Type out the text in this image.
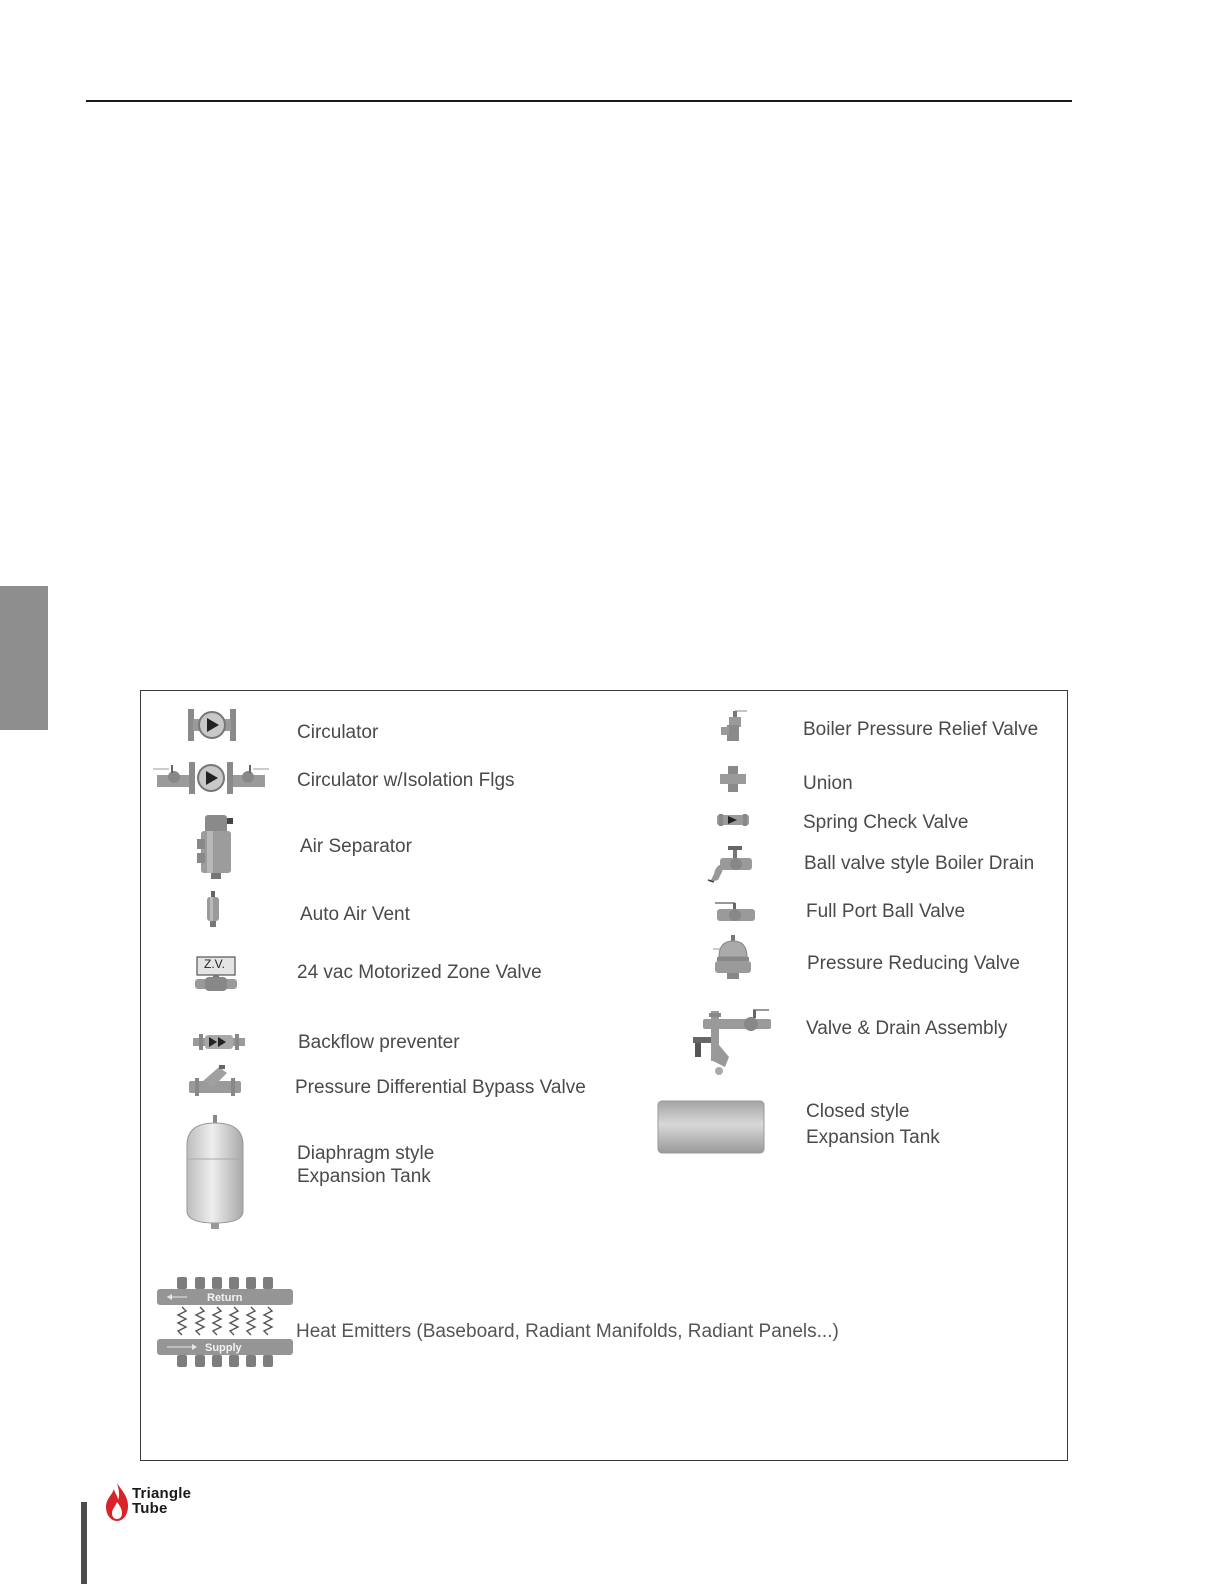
Circulator
Circulator w/Isolation Flgs
Air Separator
Auto Air Vent
Z.V.	24 vac Motorized Zone Valve
Backflow preventer
Pressure Differential Bypass Valve
Diaphragm style
Expansion Tank
Boiler Pressure Relief Valve
Union
Spring Check Valve
Ball valve style Boiler Drain
Full Port Ball Valve
Pressure Reducing Valve
Valve & Drain Assembly
Closed style
Expansion Tank
Return
Supply
Heat Emitters (Baseboard, Radiant Manifolds, Radiant Panels...)
Triangle
Tube
